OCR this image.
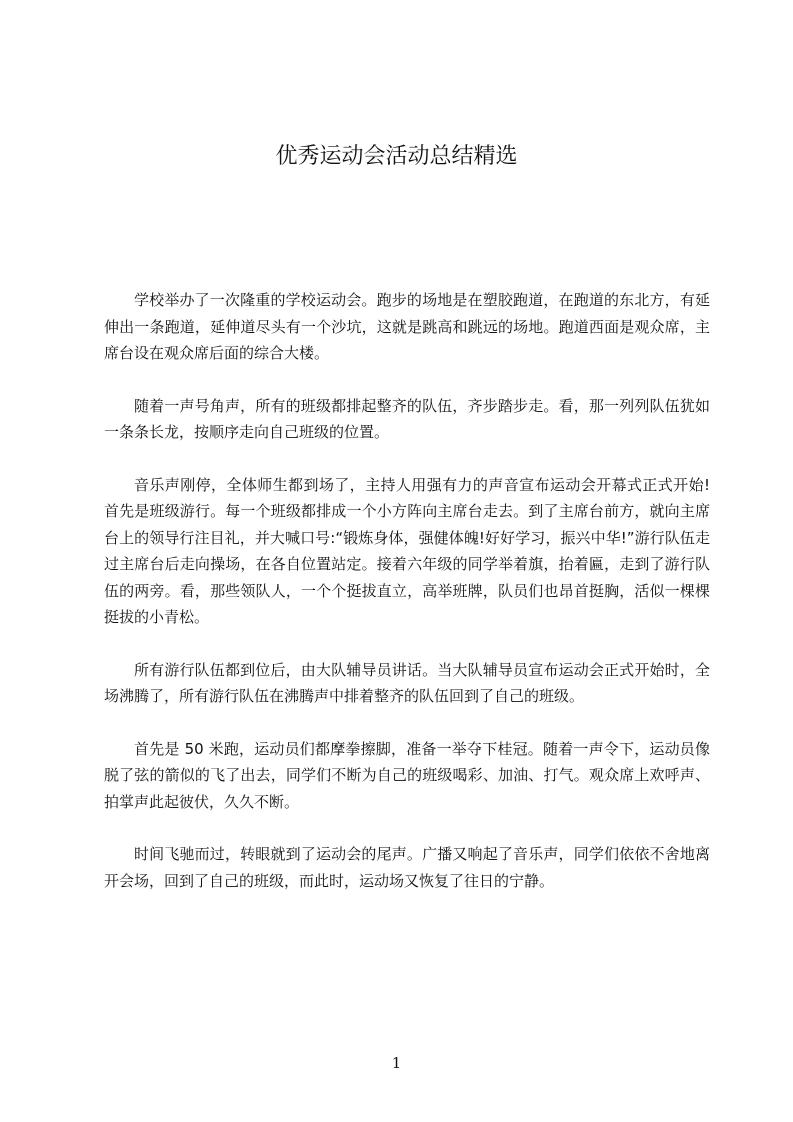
优秀运动会活动总结精选

学校举办了一次隆重的学校运动会。跑步的场地是在塑胶跑道，在跑道的东北方，有延伸出一条跑道，延伸道尽头有一个沙坑，这就是跳高和跳远的场地。跑道西面是观众席，主席台设在观众席后面的综合大楼。

随着一声号角声，所有的班级都排起整齐的队伍，齐步踏步走。看，那一列列队伍犹如一条条长龙，按顺序走向自己班级的位置。

音乐声刚停，全体师生都到场了，主持人用强有力的声音宣布运动会开幕式正式开始!首先是班级游行。每一个班级都排成一个小方阵向主席台走去。到了主席台前方，就向主席台上的领导行注目礼，并大喊口号:“锻炼身体，强健体魄!好好学习，振兴中华!”游行队伍走过主席台后走向操场，在各自位置站定。接着六年级的同学举着旗，抬着匾，走到了游行队伍的两旁。看，那些领队人，一个个挺拔直立，高举班牌，队员们也昂首挺胸，活似一棵棵挺拔的小青松。

所有游行队伍都到位后，由大队辅导员讲话。当大队辅导员宣布运动会正式开始时，全场沸腾了，所有游行队伍在沸腾声中排着整齐的队伍回到了自己的班级。

首先是 50 米跑，运动员们都摩拳擦脚，准备一举夺下桂冠。随着一声令下，运动员像脱了弦的箭似的飞了出去，同学们不断为自己的班级喝彩、加油、打气。观众席上欢呼声、拍掌声此起彼伏，久久不断。

时间飞驰而过，转眼就到了运动会的尾声。广播又响起了音乐声，同学们依依不舍地离开会场，回到了自己的班级，而此时，运动场又恢复了往日的宁静。

1
